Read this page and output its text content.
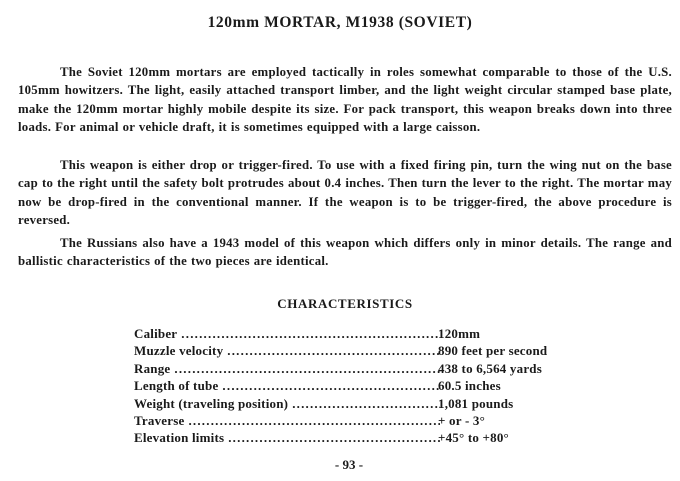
120mm MORTAR, M1938 (SOVIET)

The Soviet 120mm mortars are employed tactically in roles somewhat comparable to those of the U.S. 105mm howitzers. The light, easily attached transport limber, and the light weight circular stamped base plate, make the 120mm mortar highly mobile despite its size. For pack transport, this weapon breaks down into three loads. For animal or vehicle draft, it is sometimes equipped with a large caisson.

This weapon is either drop or trigger-fired. To use with a fixed firing pin, turn the wing nut on the base cap to the right until the safety bolt protrudes about 0.4 inches. Then turn the lever to the right. The mortar may now be drop-fired in the conventional manner. If the weapon is to be trigger-fired, the above procedure is reversed.

The Russians also have a 1943 model of this weapon which differs only in minor details. The range and ballistic characteristics of the two pieces are identical.

CHARACTERISTICS
Caliber .....	120mm
Muzzle velocity .....	890 feet per second
Range .....	438 to 6,564 yards
Length of tube .....	60.5 inches
Weight (traveling position) .....	1,081 pounds
Traverse .....	+ or - 3°
Elevation limits .....	+45° to +80°
- 93 -
